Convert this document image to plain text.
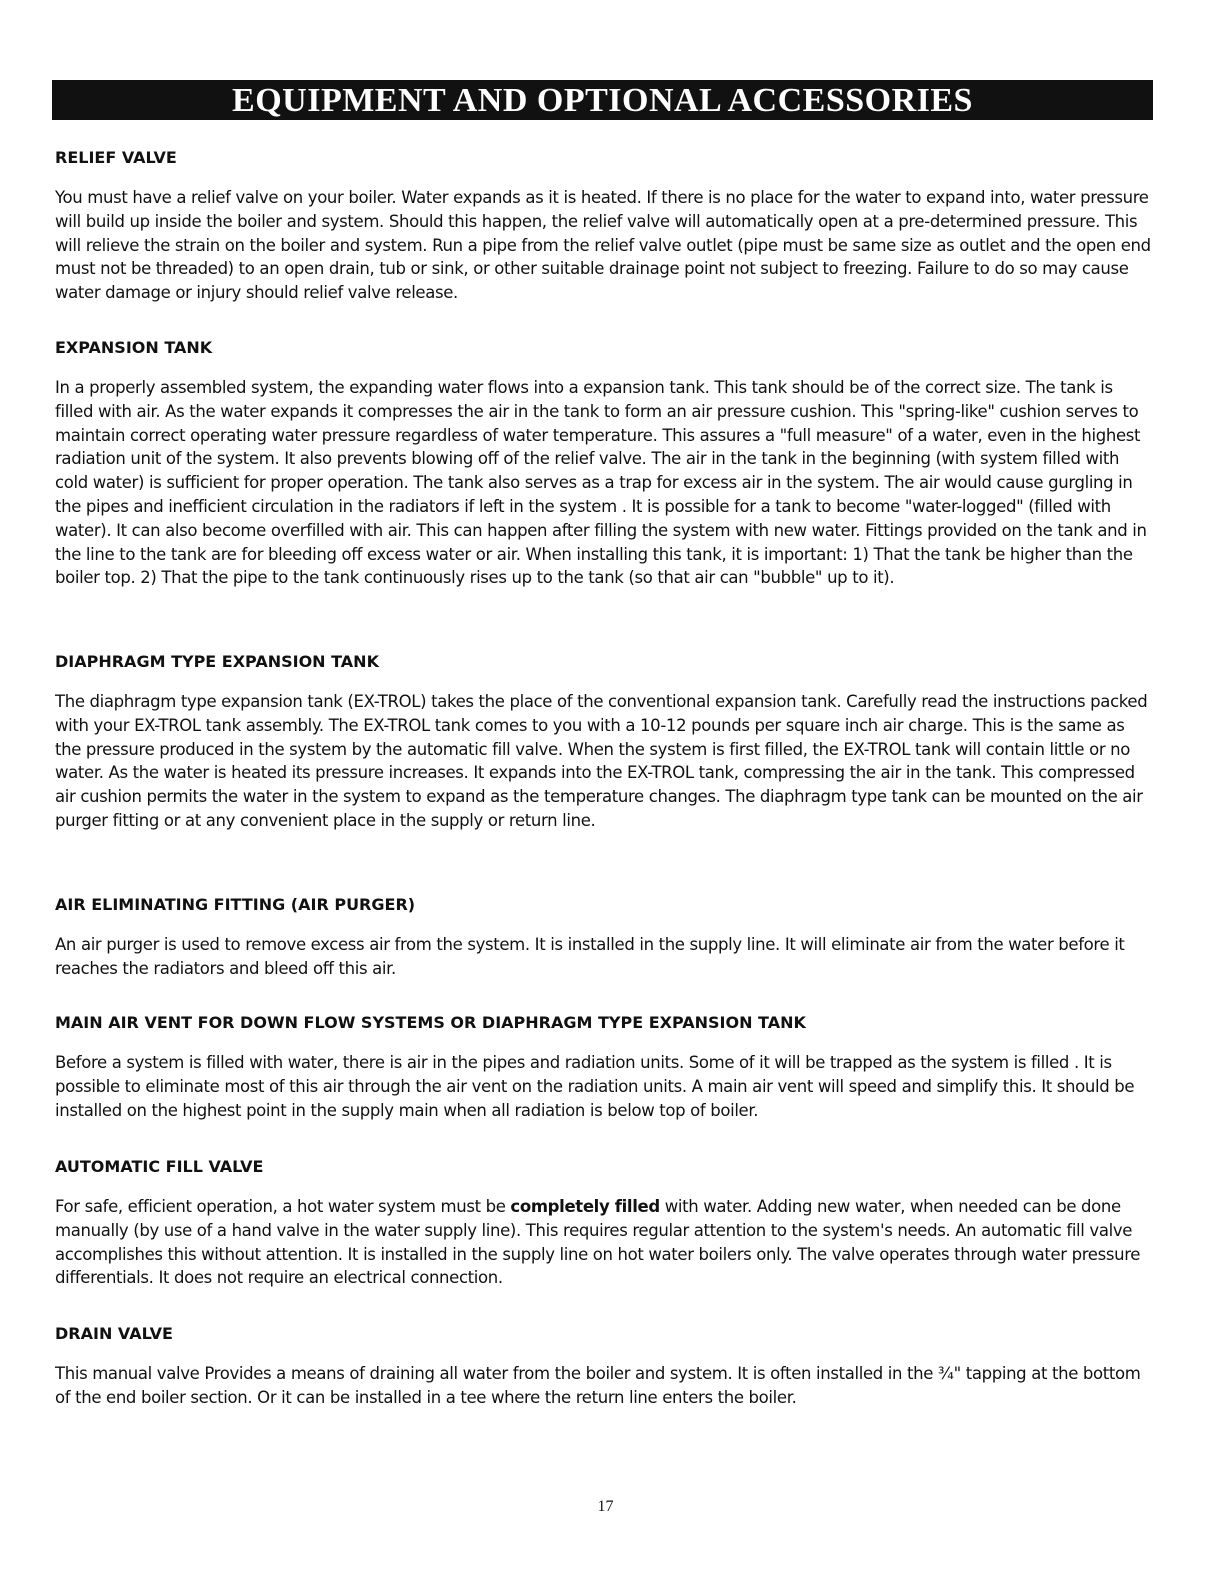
EQUIPMENT AND OPTIONAL ACCESSORIES

RELIEF VALVE

You must have a relief valve on your boiler. Water expands as it is heated. If there is no place for the water to expand into, water pressure will build up inside the boiler and system. Should this happen, the relief valve will automatically open at a pre-determined pressure. This will relieve the strain on the boiler and system. Run a pipe from the relief valve outlet (pipe must be same size as outlet and the open end must not be threaded) to an open drain, tub or sink, or other suitable drainage point not subject to freezing. Failure to do so may cause water damage or injury should relief valve release.

EXPANSION TANK

In a properly assembled system, the expanding water flows into a expansion tank. This tank should be of the correct size. The tank is filled with air. As the water expands it compresses the air in the tank to form an air pressure cushion. This "spring-like" cushion serves to maintain correct operating water pressure regardless of water temperature. This assures a "full measure" of a water, even in the highest radiation unit of the system. It also prevents blowing off of the relief valve. The air in the tank in the beginning (with system filled with cold water) is sufficient for proper operation. The tank also serves as a trap for excess air in the system. The air would cause gurgling in the pipes and inefficient circulation in the radiators if left in the system . It is possible for a tank to become "water-logged" (filled with water). It can also become overfilled with air. This can happen after filling the system with new water. Fittings provided on the tank and in the line to the tank are for bleeding off excess water or air. When installing this tank, it is important: 1) That the tank be higher than the boiler top. 2) That the pipe to the tank continuously rises up to the tank (so that air can "bubble" up to it).

DIAPHRAGM TYPE EXPANSION TANK

The diaphragm type expansion tank (EX-TROL) takes the place of the conventional expansion tank. Carefully read the instructions packed with your EX-TROL tank assembly. The EX-TROL tank comes to you with a 10-12 pounds per square inch air charge. This is the same as the pressure produced in the system by the automatic fill valve. When the system is first filled, the EX-TROL tank will contain little or no water. As the water is heated its pressure increases. It expands into the EX-TROL tank, compressing the air in the tank. This compressed air cushion permits the water in the system to expand as the temperature changes. The diaphragm type tank can be mounted on the air purger fitting or at any convenient place in the supply or return line.

AIR ELIMINATING FITTING (AIR PURGER)

An air purger is used to remove excess air from the system. It is installed in the supply line. It will eliminate air from the water before it reaches the radiators and bleed off this air.

MAIN AIR VENT FOR DOWN FLOW SYSTEMS OR DIAPHRAGM TYPE EXPANSION TANK

Before a system is filled with water, there is air in the pipes and radiation units. Some of it will be trapped as the system is filled . It is possible to eliminate most of this air through the air vent on the radiation units. A main air vent will speed and simplify this. It should be installed on the highest point in the supply main when all radiation is below top of boiler.

AUTOMATIC FILL VALVE

For safe, efficient operation, a hot water system must be completely filled with water. Adding new water, when needed can be done manually (by use of a hand valve in the water supply line). This requires regular attention to the system's needs. An automatic fill valve accomplishes this without attention. It is installed in the supply line on hot water boilers only. The valve operates through water pressure differentials. It does not require an electrical connection.

DRAIN VALVE

This manual valve Provides a means of draining all water from the boiler and system. It is often installed in the ¾" tapping at the bottom of the end boiler section. Or it can be installed in a tee where the return line enters the boiler.

17
